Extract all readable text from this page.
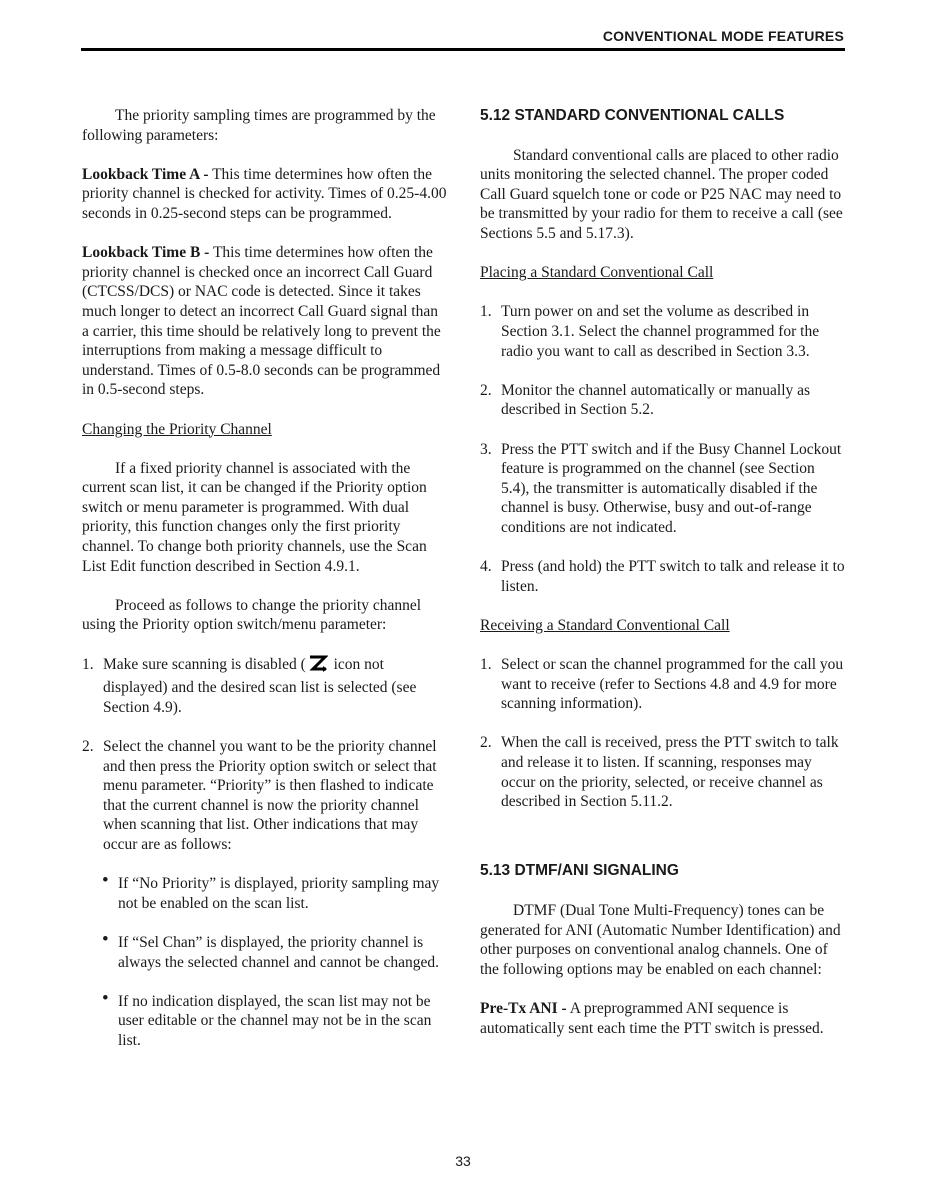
CONVENTIONAL MODE FEATURES

The priority sampling times are programmed by the following parameters:

Lookback Time A - This time determines how often the priority channel is checked for activity. Times of 0.25-4.00 seconds in 0.25-second steps can be programmed.

Lookback Time B - This time determines how often the priority channel is checked once an incorrect Call Guard (CTCSS/DCS) or NAC code is detected. Since it takes much longer to detect an incorrect Call Guard signal than a carrier, this time should be relatively long to prevent the interruptions from making a message difficult to understand. Times of 0.5-8.0 seconds can be programmed in 0.5-second steps.

Changing the Priority Channel

If a fixed priority channel is associated with the current scan list, it can be changed if the Priority option switch or menu parameter is programmed. With dual priority, this function changes only the first priority channel. To change both priority channels, use the Scan List Edit function described in Section 4.9.1.

Proceed as follows to change the priority channel using the Priority option switch/menu parameter:

1. Make sure scanning is disabled ( icon not displayed) and the desired scan list is selected (see Section 4.9).
2. Select the channel you want to be the priority channel and then press the Priority option switch or select that menu parameter. “Priority” is then flashed to indicate that the current channel is now the priority channel when scanning that list. Other indications that may occur are as follows:
• If “No Priority” is displayed, priority sampling may not be enabled on the scan list.
• If “Sel Chan” is displayed, the priority channel is always the selected channel and cannot be changed.
• If no indication displayed, the scan list may not be user editable or the channel may not be in the scan list.
5.12 STANDARD CONVENTIONAL CALLS

Standard conventional calls are placed to other radio units monitoring the selected channel. The proper coded Call Guard squelch tone or code or P25 NAC may need to be transmitted by your radio for them to receive a call (see Sections 5.5 and 5.17.3).

Placing a Standard Conventional Call

1. Turn power on and set the volume as described in Section 3.1. Select the channel programmed for the radio you want to call as described in Section 3.3.
2. Monitor the channel automatically or manually as described in Section 5.2.
3. Press the PTT switch and if the Busy Channel Lockout feature is programmed on the channel (see Section 5.4), the transmitter is automatically disabled if the channel is busy. Otherwise, busy and out-of-range conditions are not indicated.
4. Press (and hold) the PTT switch to talk and release it to listen.

Receiving a Standard Conventional Call

1. Select or scan the channel programmed for the call you want to receive (refer to Sections 4.8 and 4.9 for more scanning information).
2. When the call is received, press the PTT switch to talk and release it to listen. If scanning, responses may occur on the priority, selected, or receive channel as described in Section 5.11.2.
5.13 DTMF/ANI SIGNALING

DTMF (Dual Tone Multi-Frequency) tones can be generated for ANI (Automatic Number Identification) and other purposes on conventional analog channels. One of the following options may be enabled on each channel:

Pre-Tx ANI - A preprogrammed ANI sequence is automatically sent each time the PTT switch is pressed.

33
